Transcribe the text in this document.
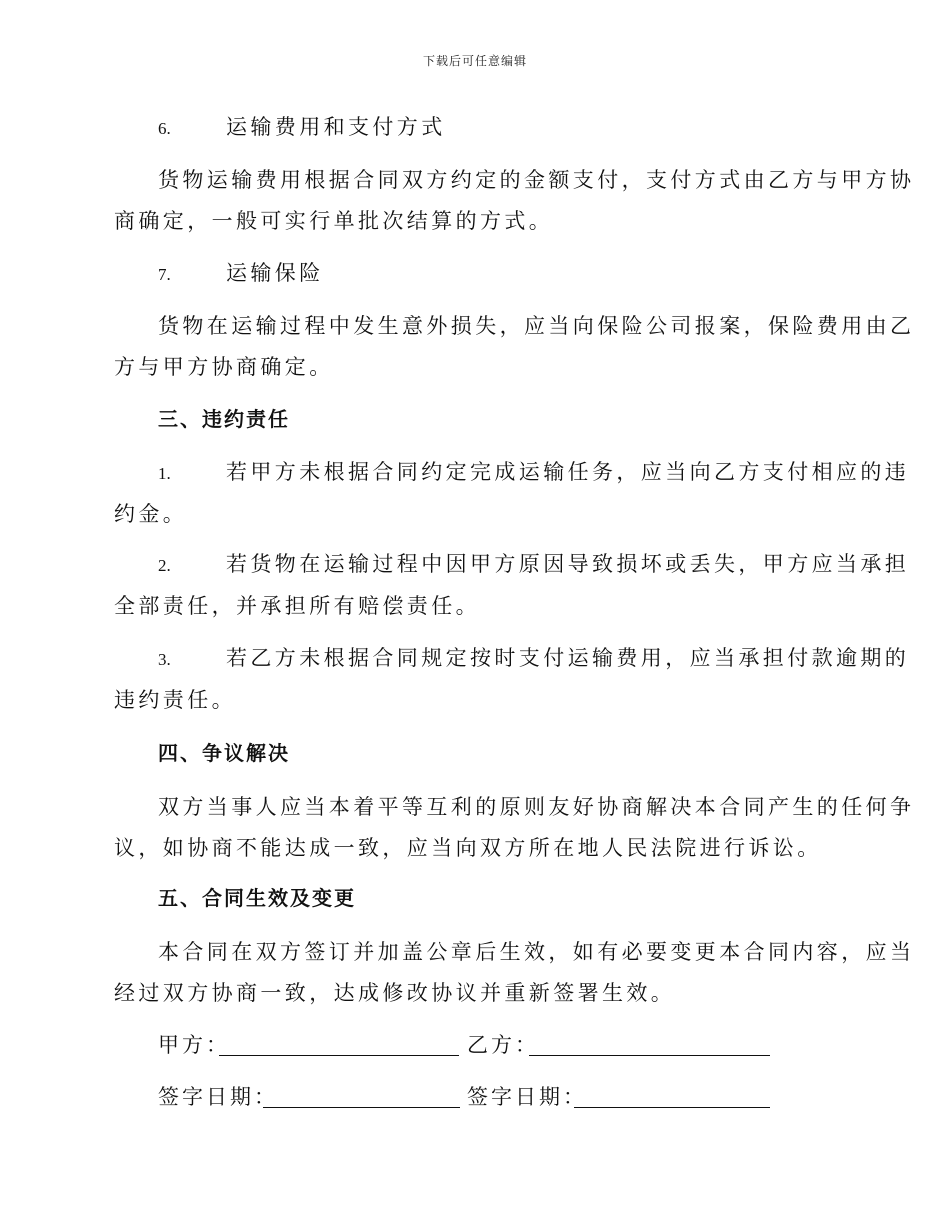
下载后可任意编辑
6.	运输费用和支付方式
货物运输费用根据合同双方约定的金额支付，支付方式由乙方与甲方协
商确定，一般可实行单批次结算的方式。
7.	运输保险
货物在运输过程中发生意外损失，应当向保险公司报案，保险费用由乙
方与甲方协商确定。
三、违约责任
1.	若甲方未根据合同约定完成运输任务，应当向乙方支付相应的违
约金。
2.	若货物在运输过程中因甲方原因导致损坏或丢失，甲方应当承担
全部责任，并承担所有赔偿责任。
3.	若乙方未根据合同规定按时支付运输费用，应当承担付款逾期的
违约责任。
四、争议解决
双方当事人应当本着平等互利的原则友好协商解决本合同产生的任何争
议，如协商不能达成一致，应当向双方所在地人民法院进行诉讼。
五、合同生效及变更
本合同在双方签订并加盖公章后生效，如有必要变更本合同内容，应当
经过双方协商一致，达成修改协议并重新签署生效。
甲方：	乙方：
签字日期：	签字日期：
